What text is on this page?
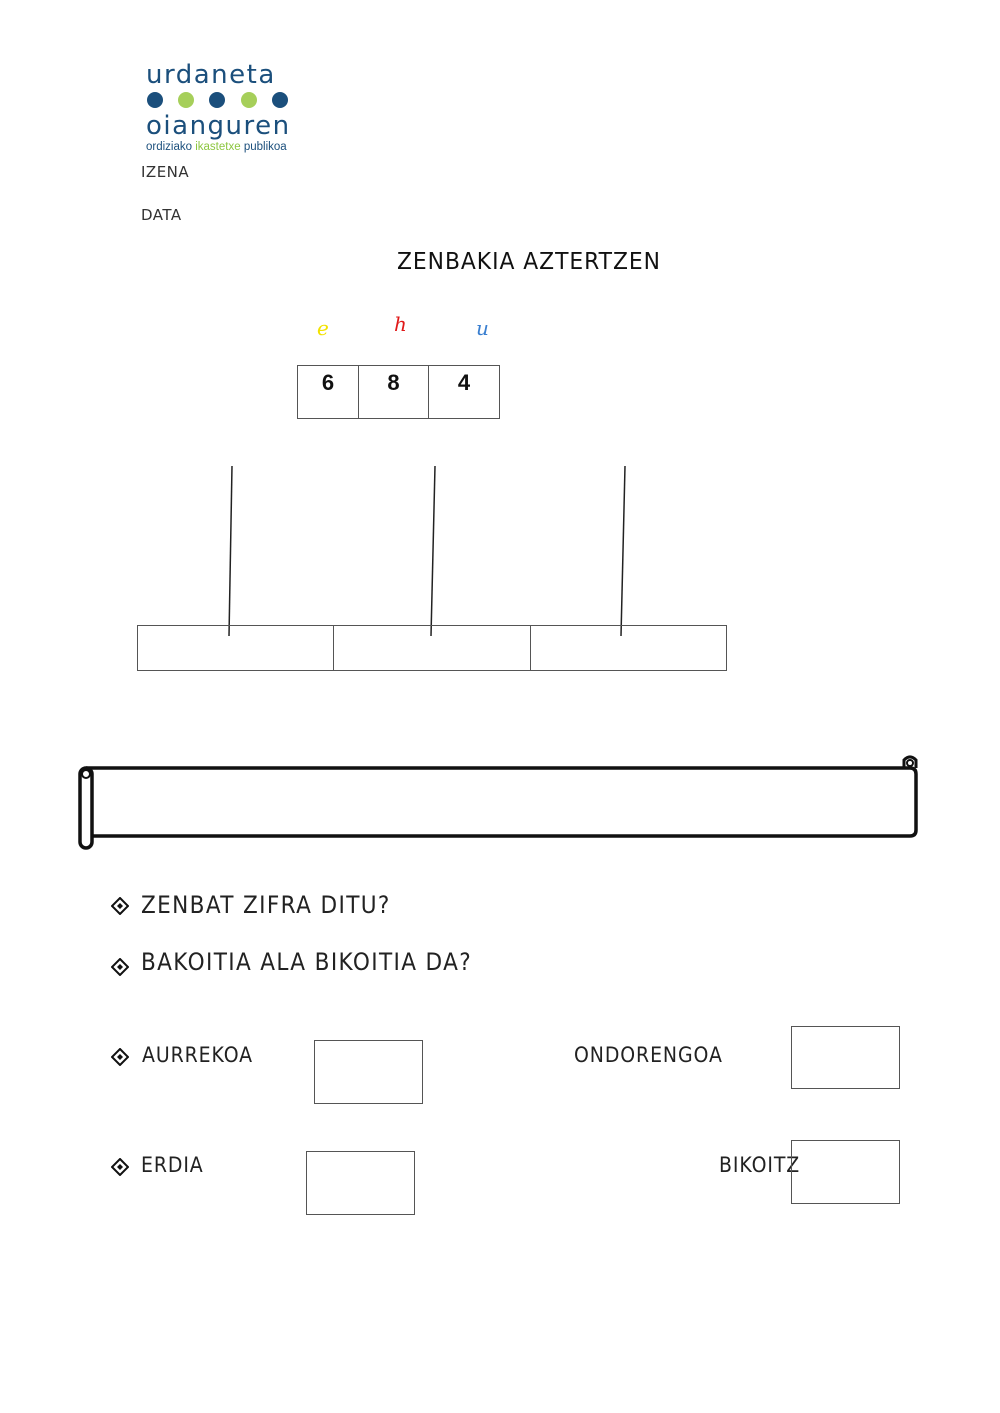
urdaneta
oianguren
ordiziako ikastetxe publikoa
IZENA
DATA
ZENBAKIA AZTERTZEN
e	h	u
6	8	4
ZENBAT ZIFRA DITU?
BAKOITIA ALA BIKOITIA DA?
AURREKOA	ONDORENGOA
ERDIA	BIKOITZ
